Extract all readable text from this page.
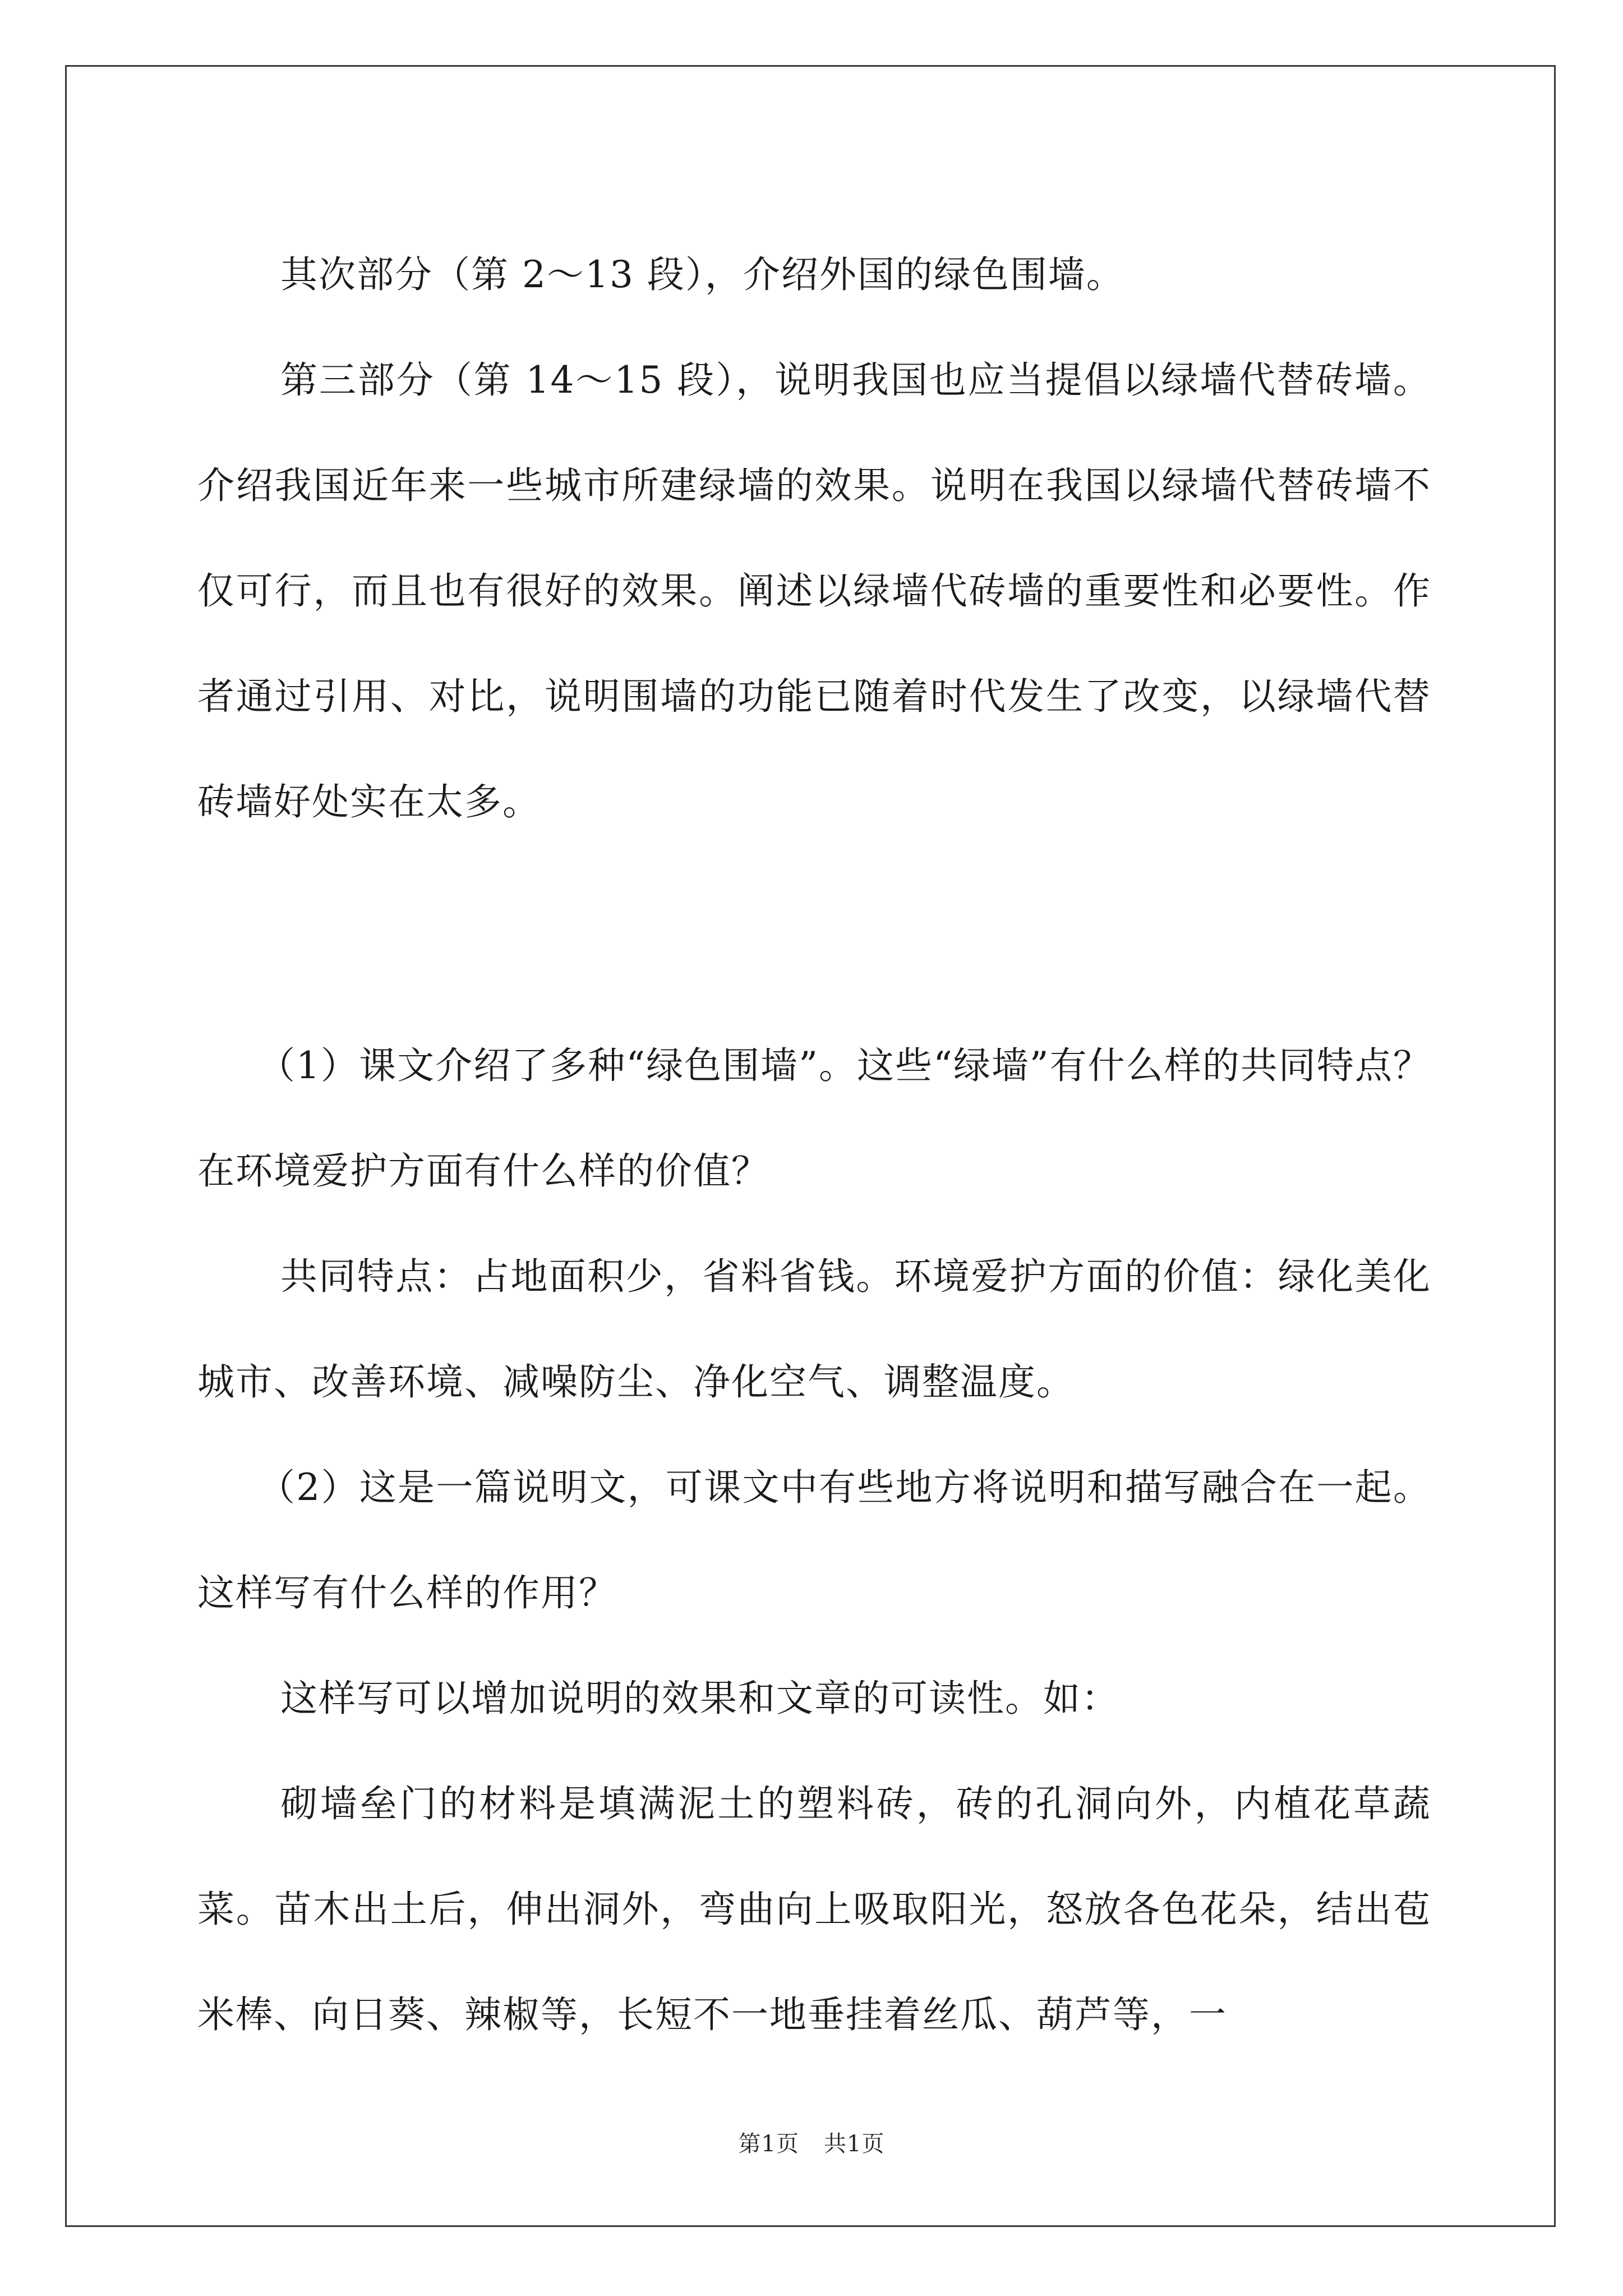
其次部分（第 2～13 段），介绍外国的绿色围墙。

第三部分（第 14～15 段），说明我国也应当提倡以绿墙代替砖墙。介绍我国近年来一些城市所建绿墙的效果。说明在我国以绿墙代替砖墙不仅可行，而且也有很好的效果。阐述以绿墙代砖墙的重要性和必要性。作者通过引用、对比，说明围墙的功能已随着时代发生了改变，以绿墙代替砖墙好处实在太多。

（1）课文介绍了多种“绿色围墙”。这些“绿墙”有什么样的共同特点？在环境爱护方面有什么样的价值？

共同特点：占地面积少，省料省钱。环境爱护方面的价值：绿化美化城市、改善环境、减噪防尘、净化空气、调整温度。

（2）这是一篇说明文，可课文中有些地方将说明和描写融合在一起。这样写有什么样的作用？

这样写可以增加说明的效果和文章的可读性。如：

砌墙垒门的材料是填满泥土的塑料砖，砖的孔洞向外，内植花草蔬菜。苗木出土后，伸出洞外，弯曲向上吸取阳光，怒放各色花朵，结出苞米棒、向日葵、辣椒等，长短不一地垂挂着丝瓜、葫芦等，一

第1页 共1页
